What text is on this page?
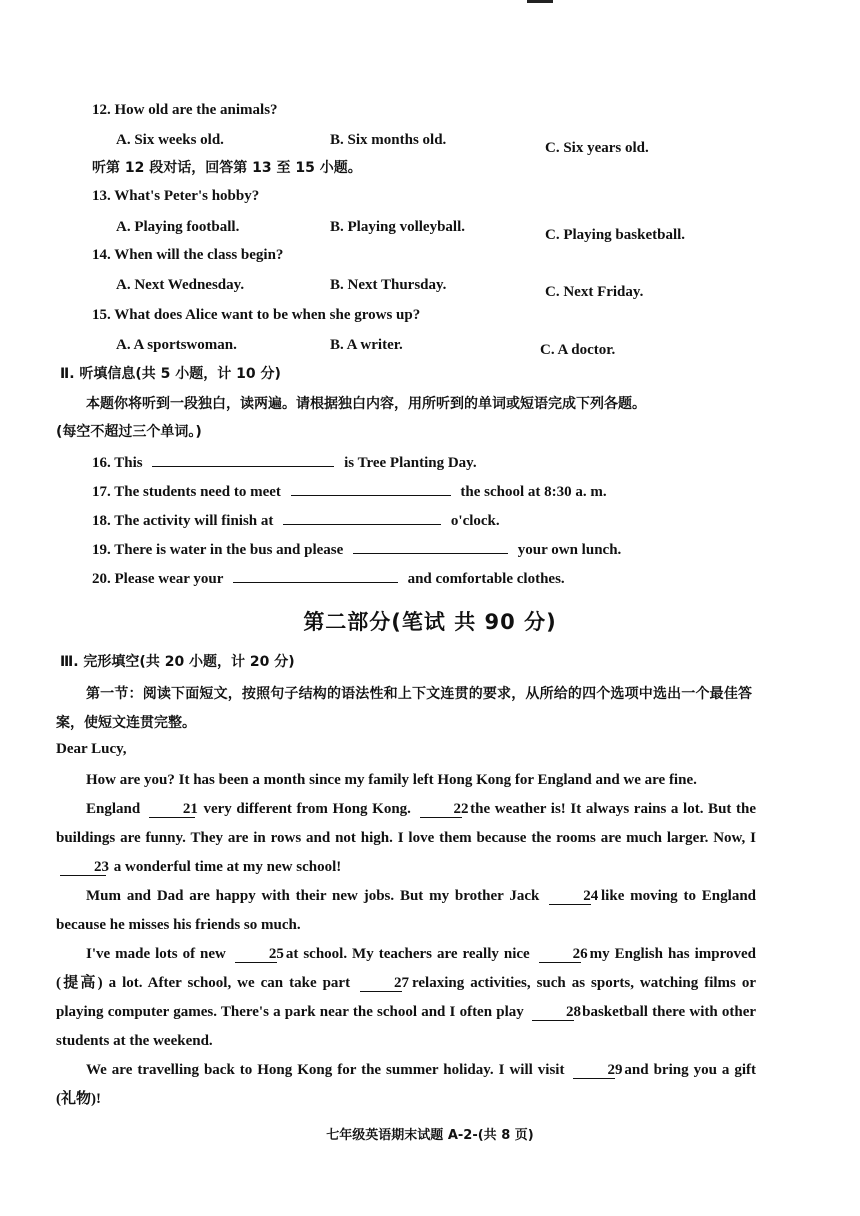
12. How old are the animals?
A. Six weeks old.	B. Six months old.	C. Six years old.
听第 12 段对话，回答第 13 至 15 小题。
13. What's Peter's hobby?
A. Playing football.	B. Playing volleyball.	C. Playing basketball.
14. When will the class begin?
A. Next Wednesday.	B. Next Thursday.	C. Next Friday.
15. What does Alice want to be when she grows up?
A. A sportswoman.	B. A writer.	C. A doctor.
Ⅱ. 听填信息(共 5 小题，计 10 分)
本题你将听到一段独白，读两遍。请根据独白内容，用所听到的单词或短语完成下列各题。
(每空不超过三个单词。)
16. This	is Tree Planting Day.
17. The students need to meet	the school at 8:30 a. m.
18. The activity will finish at	o'clock.
19. There is water in the bus and please	your own lunch.
20. Please wear your	and comfortable clothes.
第二部分(笔试 共 90 分)
Ⅲ. 完形填空(共 20 小题，计 20 分)
第一节：阅读下面短文，按照句子结构的语法性和上下文连贯的要求，从所给的四个选项中选出一个最佳答案，使短文连贯完整。
Dear Lucy,
How are you? It has been a month since my family left Hong Kong for England and we are fine.
England	21 very different from Hong Kong.	22 the weather is! It always rains a lot. But the buildings are funny. They are in rows and not high. I love them because the rooms are much larger. Now, I 23 a wonderful time at my new school!
Mum and Dad are happy with their new jobs. But my brother Jack	24 like moving to England because he misses his friends so much.
I've made lots of new	25 at school. My teachers are really nice	26 my English has improved (提高) a lot. After school, we can take part	27 relaxing activities, such as sports, watching films or playing computer games. There's a park near the school and I often play	28 basketball there with other students at the weekend.
We are travelling back to Hong Kong for the summer holiday. I will visit	29 and bring you a gift (礼物)!
七年级英语期末试题 A-2-(共 8 页)
